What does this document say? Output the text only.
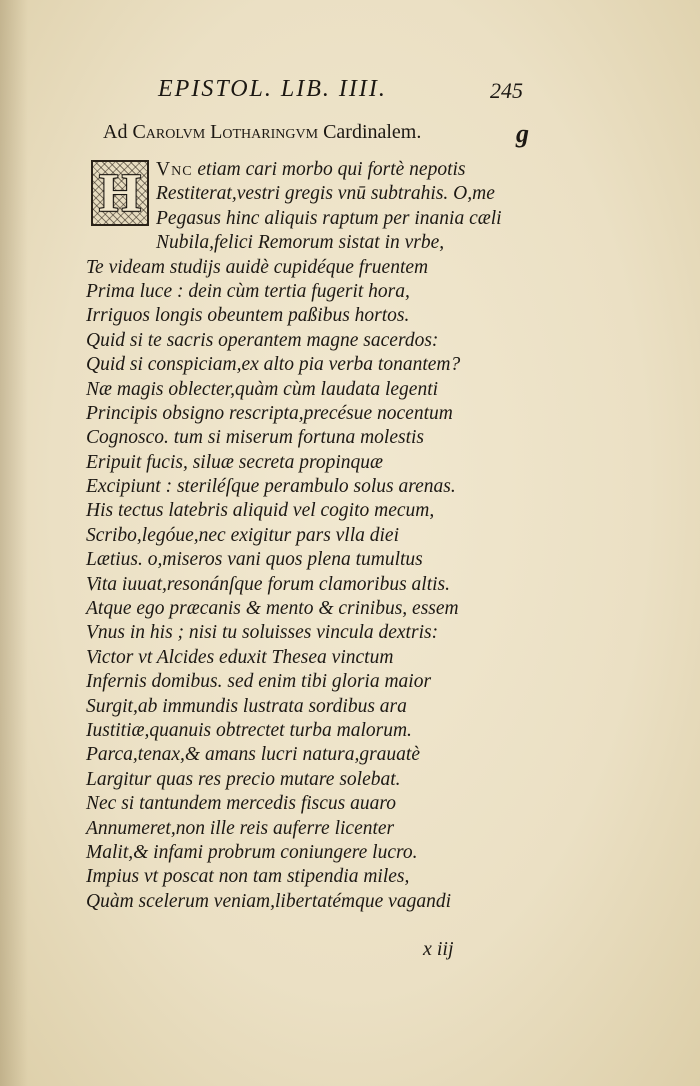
EPISTOL. LIB. IIII.	245
Ad Carolvm Lotharingvm Cardinalem.	g
H Vnc etiam cari morbo qui fortè nepotis
Restiterat,vestri gregis vnū subtrahis. O,me
Pegasus hinc aliquis raptum per inania cæli
Nubila,felici Remorum sistat in vrbe,
Te videam studijs auidè cupidéque fruentem
Prima luce : dein cùm tertia fugerit hora,
Irriguos longis obeuntem paßibus hortos.
Quid si te sacris operantem magne sacerdos:
Quid si conspiciam,ex alto pia verba tonantem?
Næ magis oblecter,quàm cùm laudata legenti
Principis obsigno rescripta,precésue nocentum
Cognosco. tum si miserum fortuna molestis
Eripuit fucis, siluæ secreta propinquæ
Excipiunt : steriléſque perambulo solus arenas.
His tectus latebris aliquid vel cogito mecum,
Scribo,legóue,nec exigitur pars vlla diei
Lætius. o,miseros vani quos plena tumultus
Vita iuuat,resonánſque forum clamoribus altis.
Atque ego præcanis & mento & crinibus, essem
Vnus in his ; nisi tu soluisses vincula dextris:
Victor vt Alcides eduxit Thesea vinctum
Infernis domibus. sed enim tibi gloria maior
Surgit,ab immundis lustrata sordibus ara
Iustitiæ,quanuis obtrectet turba malorum.
Parca,tenax,& amans lucri natura,grauatè
Largitur quas res precio mutare solebat.
Nec si tantundem mercedis fiscus auaro
Annumeret,non ille reis auferre licenter
Malit,& infami probrum coniungere lucro.
Impius vt poscat non tam stipendia miles,
Quàm scelerum veniam,libertatémque vagandi
x iij
